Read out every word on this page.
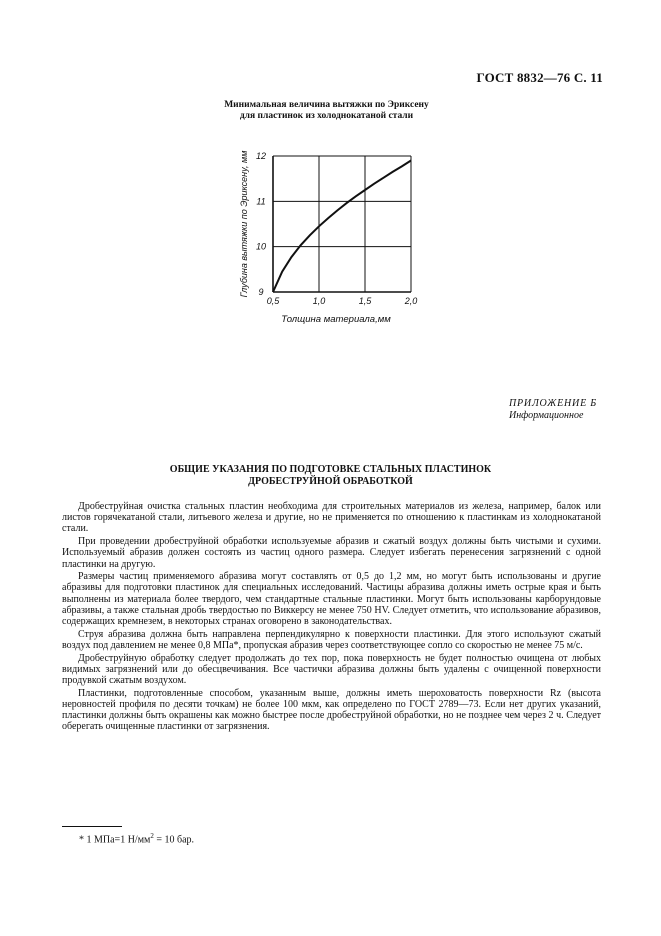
ГОСТ 8832—76 С. 11
Минимальная величина вытяжки по Эриксену
для пластинок из холоднокатаной стали
0,5	1,0	1,5	2,0
9
10
11
12
Толщина материала,мм
Глубина вытяжки по Эриксену, мм
ПРИЛОЖЕНИЕ Б
Информационное
ОБЩИЕ УКАЗАНИЯ ПО ПОДГОТОВКЕ СТАЛЬНЫХ ПЛАСТИНОК
ДРОБЕСТРУЙНОЙ ОБРАБОТКОЙ

Дробеструйная очистка стальных пластин необходима для строительных материалов из железа, например, балок или листов горячекатаной стали, литьевого железа и другие, но не применяется по отношению к пластинкам из холоднокатаной стали.

При проведении дробеструйной обработки используемые абразив и сжатый воздух должны быть чистыми и сухими. Используемый абразив должен состоять из частиц одного размера. Следует избегать перенесения загрязнений с одной пластинки на другую.

Размеры частиц применяемого абразива могут составлять от 0,5 до 1,2 мм, но могут быть использованы и другие абразивы для подготовки пластинок для специальных исследований. Частицы абразива должны иметь острые края и быть выполнены из материала более твердого, чем стандартные стальные пластинки. Могут быть использованы карборундовые абразивы, а также стальная дробь твердостью по Виккерсу не менее 750 HV. Следует отметить, что использование абразивов, содержащих кремнезем, в некоторых странах оговорено в законодательствах.

Струя абразива должна быть направлена перпендикулярно к поверхности пластинки. Для этого используют сжатый воздух под давлением не менее 0,8 МПа*, пропуская абразив через соответствующее сопло со скоростью не менее 75 м/с.

Дробеструйную обработку следует продолжать до тех пор, пока поверхность не будет полностью очищена от любых видимых загрязнений или до обесцвечивания. Все частички абразива должны быть удалены с очищенной поверхности продувкой сжатым воздухом.

Пластинки, подготовленные способом, указанным выше, должны иметь шероховатость поверхности Rz (высота неровностей профиля по десяти точкам) не более 100 мкм, как определено по ГОСТ 2789—73. Если нет других указаний, пластинки должны быть окрашены как можно быстрее после дробеструйной обработки, но не позднее чем через 2 ч. Следует оберегать очищенные пластинки от загрязнения.

* 1 МПа=1 $Н/мм^2 = 10$ бар.
